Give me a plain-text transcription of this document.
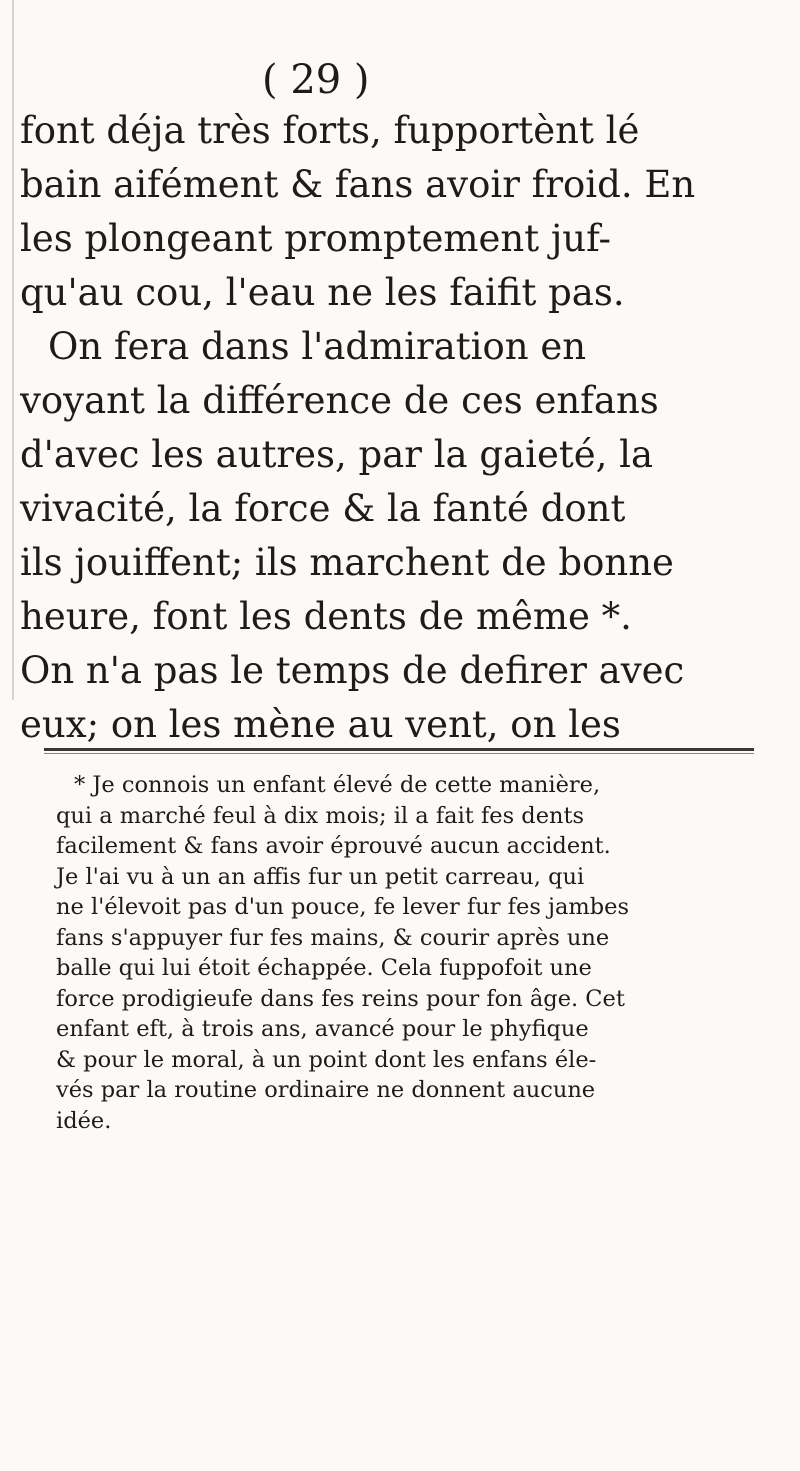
( 29 )
font déja très forts, fupportènt lé
bain aifément & fans avoir froid. En
les plongeant promptement juf-
qu'au cou, l'eau ne les faifit pas.
On fera dans l'admiration en
voyant la différence de ces enfans
d'avec les autres, par la gaieté, la
vivacité, la force & la fanté dont
ils jouiffent; ils marchent de bonne
heure, font les dents de même *.
On n'a pas le temps de defirer avec
eux; on les mène au vent, on les
* Je connois un enfant élevé de cette manière,
qui a marché feul à dix mois; il a fait fes dents
facilement & fans avoir éprouvé aucun accident.
Je l'ai vu à un an affis fur un petit carreau, qui
ne l'élevoit pas d'un pouce, fe lever fur fes jambes
fans s'appuyer fur fes mains, & courir après une
balle qui lui étoit échappée. Cela fuppofoit une
force prodigieufe dans fes reins pour fon âge. Cet
enfant eft, à trois ans, avancé pour le phyfique
& pour le moral, à un point dont les enfans éle-
vés par la routine ordinaire ne donnent aucune
idée.
